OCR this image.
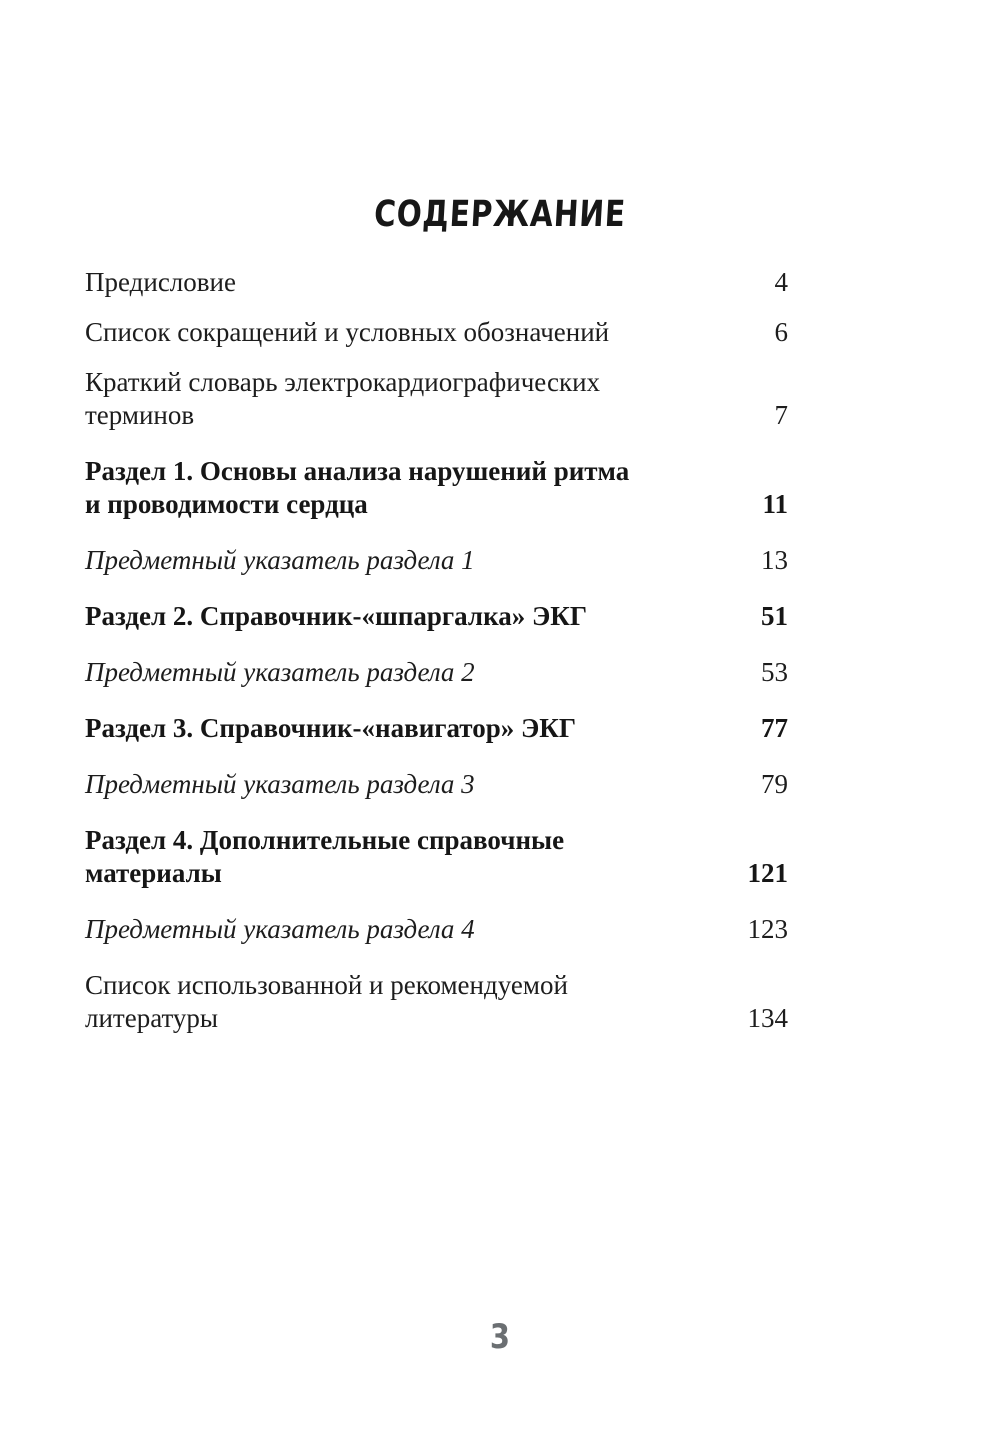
СОДЕРЖАНИЕ
Предисловие	4
Список сокращений и условных обозначений	6
Краткий словарь электрокардиографических терминов	7
Раздел 1. Основы анализа нарушений ритма
и проводимости сердца	11
Предметный указатель раздела 1	13
Раздел 2. Справочник-«шпаргалка» ЭКГ	51
Предметный указатель раздела 2	53
Раздел 3. Справочник-«навигатор» ЭКГ	77
Предметный указатель раздела 3	79
Раздел 4. Дополнительные справочные материалы	121
Предметный указатель раздела 4	123
Список использованной и рекомендуемой литературы	134
3
